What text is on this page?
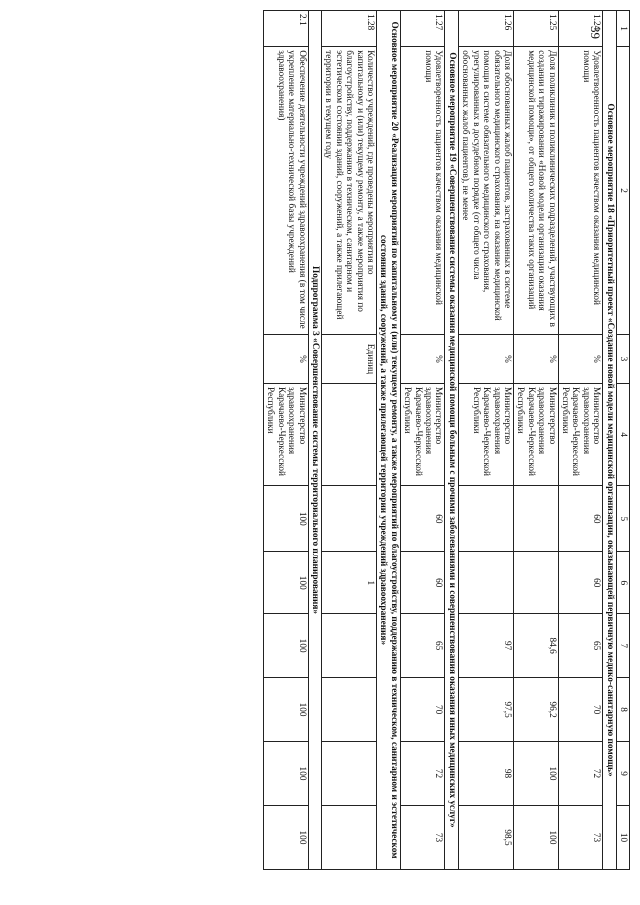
39 1	2	3	4	5	6	7	8	9	10
Основное мероприятие 18 «Приоритетный проект «Создание новой модели медицинской организации, оказывающей первичную медико-санитарную помощь»									
1.24	Удовлетворенность пациентов качеством оказания медицинской помощи	%	Министерство здравоохранения Карачаево-Черкесской Республики	60	60	65	70	72	73
1.25	Доля поликлиник и поликлинических подразделений, участвующих в создании и тиражировании «Новой модели организации оказания медицинской помощи», от общего количества таких организаций	%	Министерство здравоохранения Карачаево-Черкесской Республики			84,6	96,2	100	100
1.26	Доля обоснованных жалоб пациентов, застрахованных в системе обязательного медицинского страхования, на оказание медицинской помощи в системе обязательного медицинского страхования, урегулированных в досудебном порядке (от общего числа обоснованных жалоб пациентов), не менее	%	Министерство здравоохранения Карачаево-Черкесской Республики			97	97,5	98	98,5
Основное мероприятие 19 «Совершенствование системы оказания медицинской помощи больным с прочими заболеваниями и совершенствования оказания иных медицинских услуг»									
1.27	Удовлетворенность пациентов качеством оказания медицинской помощи	%	Министерство здравоохранения Карачаево-Черкесской Республики	60	60	65	70	72	73
Основное мероприятие 20 «Реализация мероприятий по капитальному и (или) текущему ремонту, а также мероприятий по благоустройству, поддержанию в техническом, санитарном и эстетическом состоянии зданий, сооружений, а также прилегающей территории учреждений здравоохранения»									
1.28	Количество учреждений, где проведены мероприятия по капитальному и (или) текущему ремонту, а также мероприятия по благоустройству, поддержанию в техническом, санитарном и эстетическом состоянии зданий, сооружений, а также прилегающей территории в текущем году	Единиц			1				
Подпрограмма 3 «Совершенствование системы территориального планирования»									
2.1	Обеспечение деятельности учреждений здравоохранения (в том числе укрепление материально-технической базы учреждений здравоохранения)	%	Министерство здравоохранения Карачаево-Черкесской Республики	100	100	100	100	100	100
